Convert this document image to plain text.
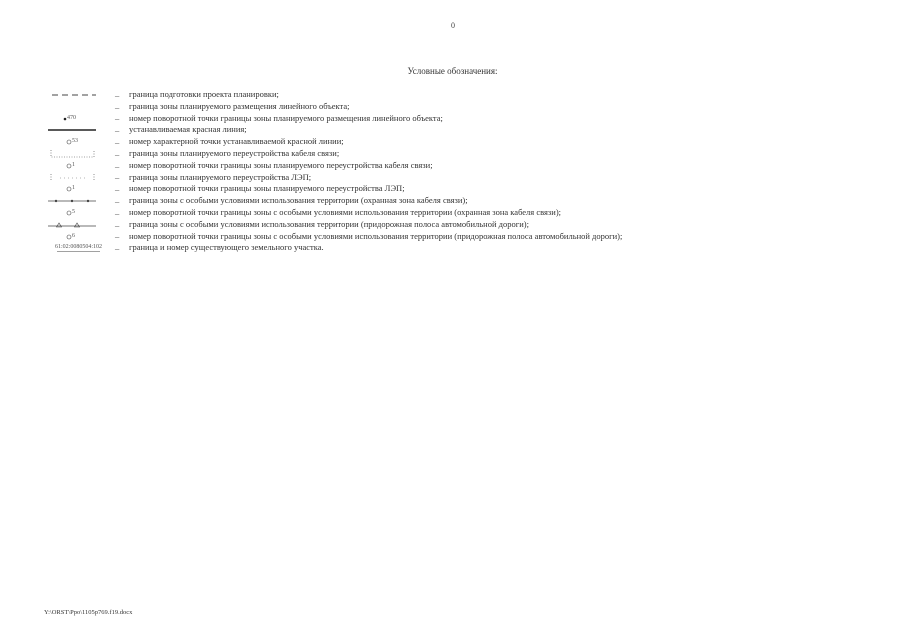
0
Условные обозначения:
–	граница подготовки проекта планировки;
–	граница зоны планируемого размещения линейного объекта;
470	–	номер поворотной точки границы зоны планируемого размещения линейного объекта;
–	устанавливаемая красная линия;
53	–	номер характерной точки устанавливаемой красной линии;
–	граница зоны планируемого переустройства кабеля связи;
1	–	номер поворотной точки границы зоны планируемого переустройства кабеля связи;
–	граница зоны планируемого переустройства ЛЭП;
1	–	номер поворотной точки границы зоны планируемого переустройства ЛЭП;
–	граница зоны с особыми условиями использования территории (охранная зона кабеля связи);
5	–	номер поворотной точки границы зоны с особыми условиями использования территории (охранная зона кабеля связи);
–	граница зоны с особыми условиями использования территории (придорожная полоса автомобильной дороги);
6	–	номер поворотной точки границы зоны с особыми условиями использования территории (придорожная полоса автомобильной дороги);
61:02:0080504:102	–	граница и номер существующего земельного участка.
Y:\ORST\Ppo\1105p769.f19.docx
